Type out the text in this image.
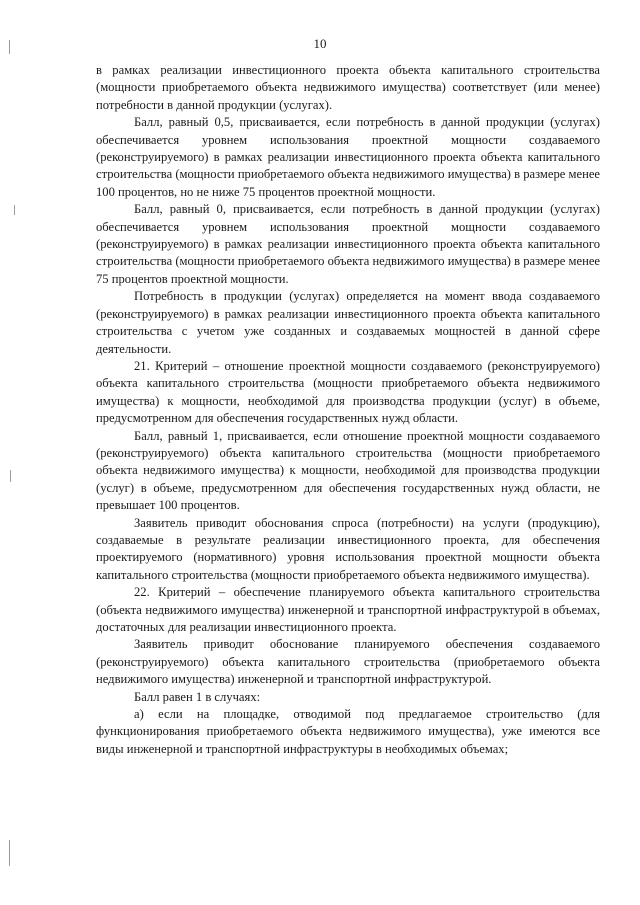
10

в рамках реализации инвестиционного проекта объекта капитального строительства (мощности приобретаемого объекта недвижимого имущества) соответствует (или менее) потребности в данной продукции (услугах).

Балл, равный 0,5, присваивается, если потребность в данной продукции (услугах) обеспечивается уровнем использования проектной мощности создаваемого (реконструируемого) в рамках реализации инвестиционного проекта объекта капитального строительства (мощности приобретаемого объекта недвижимого имущества) в размере менее 100 процентов, но не ниже 75 процентов проектной мощности.

Балл, равный 0, присваивается, если потребность в данной продукции (услугах) обеспечивается уровнем использования проектной мощности создаваемого (реконструируемого) в рамках реализации инвестиционного проекта объекта капитального строительства (мощности приобретаемого объекта недвижимого имущества) в размере менее 75 процентов проектной мощности.

Потребность в продукции (услугах) определяется на момент ввода создаваемого (реконструируемого) в рамках реализации инвестиционного проекта объекта капитального строительства с учетом уже созданных и создаваемых мощностей в данной сфере деятельности.

21. Критерий – отношение проектной мощности создаваемого (реконструируемого) объекта капитального строительства (мощности приобретаемого объекта недвижимого имущества) к мощности, необходимой для производства продукции (услуг) в объеме, предусмотренном для обеспечения государственных нужд области.

Балл, равный 1, присваивается, если отношение проектной мощности создаваемого (реконструируемого) объекта капитального строительства (мощности приобретаемого объекта недвижимого имущества) к мощности, необходимой для производства продукции (услуг) в объеме, предусмотренном для обеспечения государственных нужд области, не превышает 100 процентов.

Заявитель приводит обоснования спроса (потребности) на услуги (продукцию), создаваемые в результате реализации инвестиционного проекта, для обеспечения проектируемого (нормативного) уровня использования проектной мощности объекта капитального строительства (мощности приобретаемого объекта недвижимого имущества).

22. Критерий – обеспечение планируемого объекта капитального строительства (объекта недвижимого имущества) инженерной и транспортной инфраструктурой в объемах, достаточных для реализации инвестиционного проекта.

Заявитель приводит обоснование планируемого обеспечения создаваемого (реконструируемого) объекта капитального строительства (приобретаемого объекта недвижимого имущества) инженерной и транспортной инфраструктурой.

Балл равен 1 в случаях:

а) если на площадке, отводимой под предлагаемое строительство (для функционирования приобретаемого объекта недвижимого имущества), уже имеются все виды инженерной и транспортной инфраструктуры в необходимых объемах;
